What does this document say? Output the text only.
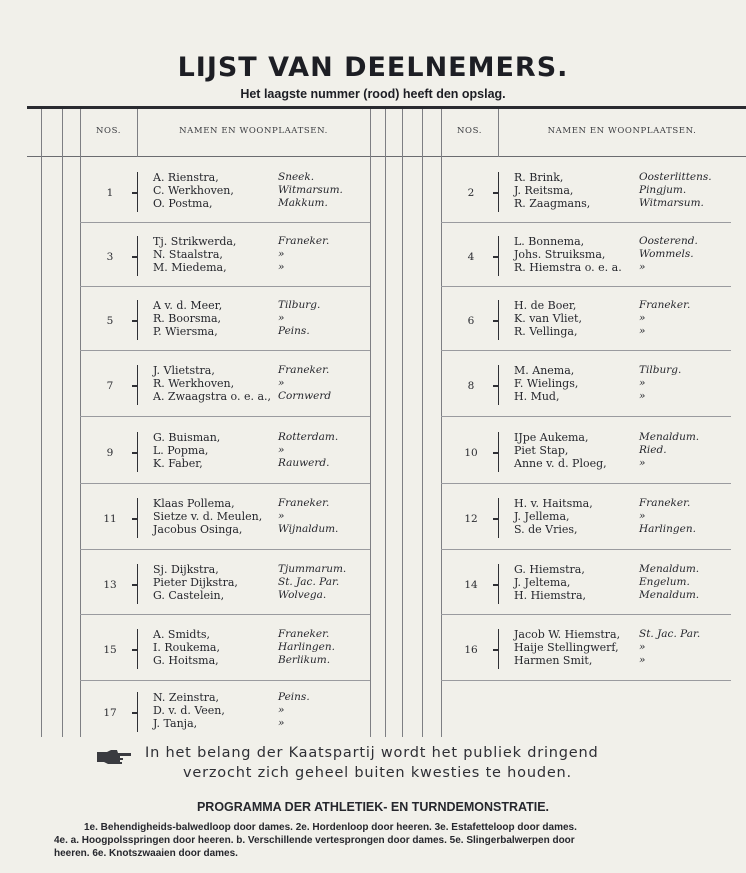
LIJST VAN DEELNEMERS.
Het laagste nummer (rood) heeft den opslag.
NOS.	NAMEN EN WOONPLAATSEN.	NOS.	NAMEN EN WOONPLAATSEN.
1
A. Rienstra,	Sneek.
C. Werkhoven,	Witmarsum.
O. Postma,	Makkum.
3
Tj. Strikwerda,	Franeker.
N. Staalstra,	»
M. Miedema,	»
5
A v. d. Meer,	Tilburg.
R. Boorsma,	»
P. Wiersma,	Peins.
7
J. Vlietstra,	Franeker.
R. Werkhoven,	»
A. Zwaagstra o. e. a., Cornwerd
9
G. Buisman,	Rotterdam.
L. Popma,	»
K. Faber,	Rauwerd.
11
Klaas Pollema,	Franeker.
Sietze v. d. Meulen, »
Jacobus Osinga,	Wijnaldum.
13
Sj. Dijkstra,	Tjummarum.
Pieter Dijkstra,	St. Jac. Par.
G. Castelein,	Wolvega.
15
A. Smidts,	Franeker.
I. Roukema,	Harlingen.
G. Hoitsma,	Berlikum.
17
N. Zeinstra,	Peins.
D. v. d. Veen,	»
J. Tanja,	»
2
R. Brink,	Oosterlittens.
J. Reitsma,	Pingjum.
R. Zaagmans,	Witmarsum.
4
L. Bonnema,	Oosterend.
Johs. Struiksma,	Wommels.
R. Hiemstra o. e. a. »
6
H. de Boer,	Franeker.
K. van Vliet,	»
R. Vellinga,	»
8
M. Anema,	Tilburg.
F. Wielings,	»
H. Mud,	»
10
IJpe Aukema,	Menaldum.
Piet Stap,	Ried.
Anne v. d. Ploeg,	»
12
H. v. Haitsma,	Franeker.
J. Jellema,	»
S. de Vries,	Harlingen.
14
G. Hiemstra,	Menaldum.
J. Jeltema,	Engelum.
H. Hiemstra,	Menaldum.
16
Jacob W. Hiemstra, St. Jac. Par.
Haije Stellingwerf, »
Harmen Smit,	»
In het belang der Kaatspartij wordt het publiek dringend
verzocht zich geheel buiten kwesties te houden.
PROGRAMMA DER ATHLETIEK- EN TURNDEMONSTRATIE.
1e. Behendigheids-balwedloop door dames. 2e. Hordenloop door heeren. 3e. Estafetteloop door dames.
4e. a. Hoogpolsspringen door heeren. b. Verschillende vertesprongen door dames. 5e. Slingerbalwerpen door
heeren. 6e. Knotszwaaien door dames.
